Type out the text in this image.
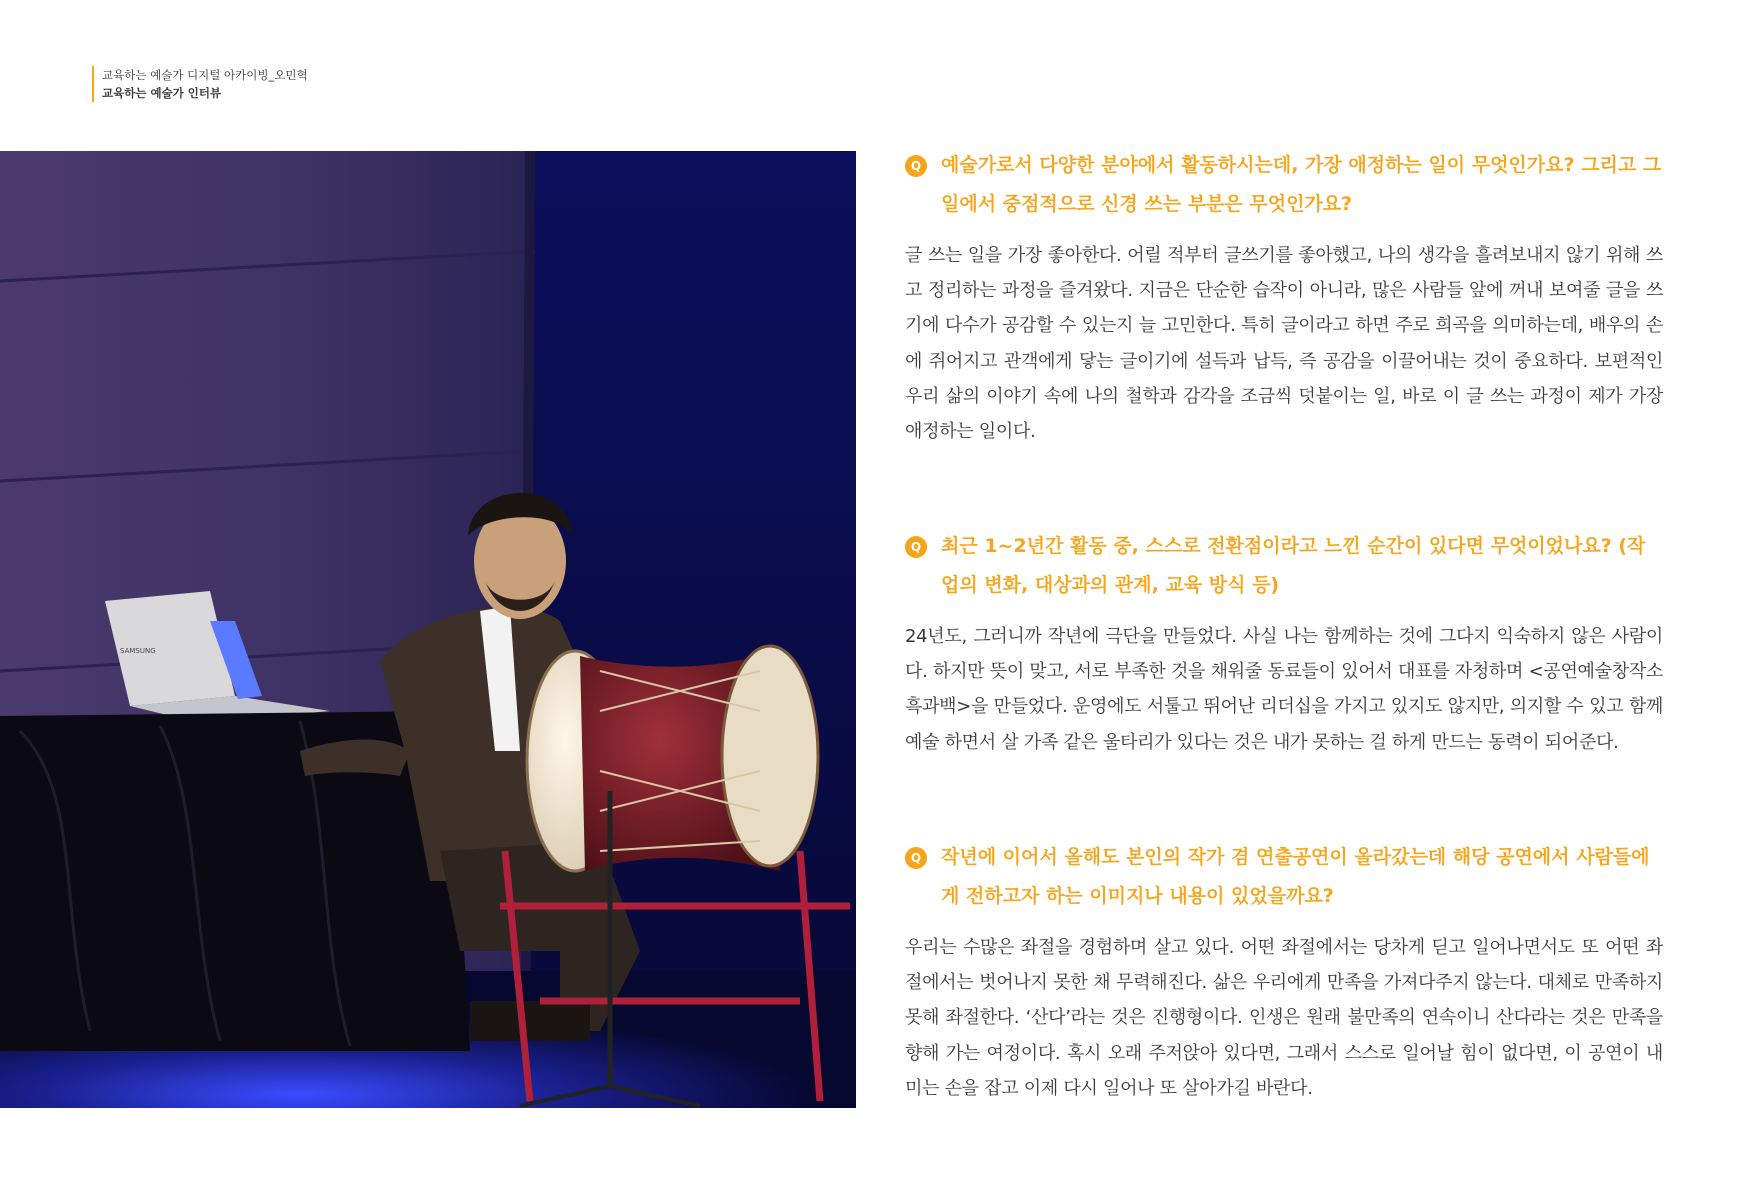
교육하는 예술가 디지털 아카이빙_오민혁
교육하는 예술가 인터뷰
SAMSUNG
Q	예술가로서 다양한 분야에서 활동하시는데, 가장 애정하는 일이 무엇인가요? 그리고 그 일에서 중점적으로 신경 쓰는 부분은 무엇인가요?
글 쓰는 일을 가장 좋아한다. 어릴 적부터 글쓰기를 좋아했고, 나의 생각을 흘려보내지 않기 위해 쓰고 정리하는 과정을 즐겨왔다. 지금은 단순한 습작이 아니라, 많은 사람들 앞에 꺼내 보여줄 글을 쓰기에 다수가 공감할 수 있는지 늘 고민한다. 특히 글이라고 하면 주로 희곡을 의미하는데, 배우의 손에 쥐어지고 관객에게 닿는 글이기에 설득과 납득, 즉 공감을 이끌어내는 것이 중요하다. 보편적인 우리 삶의 이야기 속에 나의 철학과 감각을 조금씩 덧붙이는 일, 바로 이 글 쓰는 과정이 제가 가장 애정하는 일이다.
Q	최근 1~2년간 활동 중, 스스로 전환점이라고 느낀 순간이 있다면 무엇이었나요? (작업의 변화, 대상과의 관계, 교육 방식 등)
24년도, 그러니까 작년에 극단을 만들었다. 사실 나는 함께하는 것에 그다지 익숙하지 않은 사람이다. 하지만 뜻이 맞고, 서로 부족한 것을 채워줄 동료들이 있어서 대표를 자청하며 <공연예술창작소 흑과백>을 만들었다. 운영에도 서툴고 뛰어난 리더십을 가지고 있지도 않지만, 의지할 수 있고 함께 예술 하면서 살 가족 같은 울타리가 있다는 것은 내가 못하는 걸 하게 만드는 동력이 되어준다.
Q	작년에 이어서 올해도 본인의 작가 겸 연출공연이 올라갔는데 해당 공연에서 사람들에게 전하고자 하는 이미지나 내용이 있었을까요?
우리는 수많은 좌절을 경험하며 살고 있다. 어떤 좌절에서는 당차게 딛고 일어나면서도 또 어떤 좌절에서는 벗어나지 못한 채 무력해진다. 삶은 우리에게 만족을 가져다주지 않는다. 대체로 만족하지 못해 좌절한다. ‘산다’라는 것은 진행형이다. 인생은 원래 불만족의 연속이니 산다라는 것은 만족을 향해 가는 여정이다. 혹시 오래 주저앉아 있다면, 그래서 스스로 일어날 힘이 없다면, 이 공연이 내미는 손을 잡고 이제 다시 일어나 또 살아가길 바란다.
